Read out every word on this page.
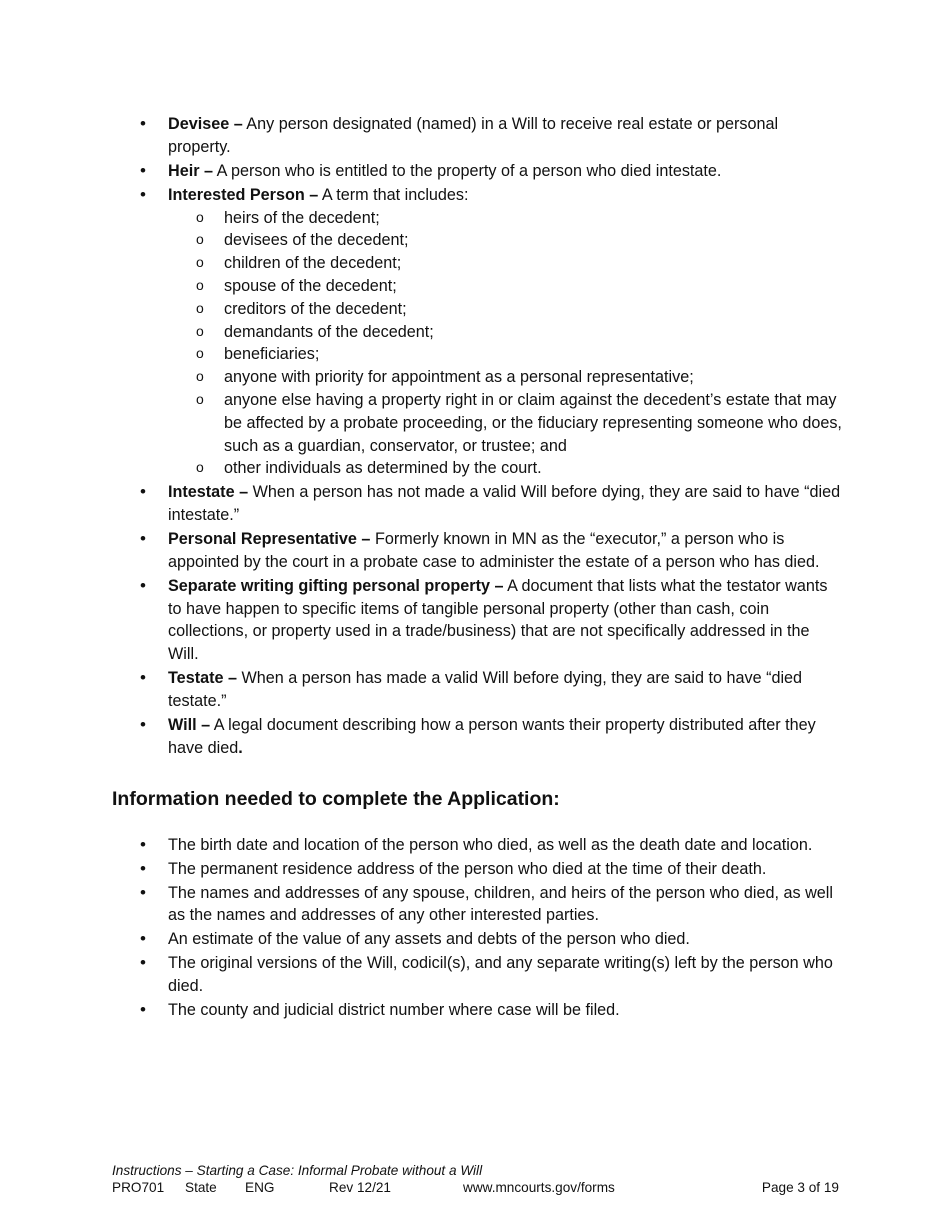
• Devisee – Any person designated (named) in a Will to receive real estate or personal property.
• Heir – A person who is entitled to the property of a person who died intestate.
• Interested Person – A term that includes:
o heirs of the decedent;
o devisees of the decedent;
o children of the decedent;
o spouse of the decedent;
o creditors of the decedent;
o demandants of the decedent;
o beneficiaries;
o anyone with priority for appointment as a personal representative;
o anyone else having a property right in or claim against the decedent’s estate that may be affected by a probate proceeding, or the fiduciary representing someone who does, such as a guardian, conservator, or trustee; and
o other individuals as determined by the court.
• Intestate – When a person has not made a valid Will before dying, they are said to have “died intestate.”
• Personal Representative – Formerly known in MN as the “executor,” a person who is appointed by the court in a probate case to administer the estate of a person who has died.
• Separate writing gifting personal property – A document that lists what the testator wants to have happen to specific items of tangible personal property (other than cash, coin collections, or property used in a trade/business) that are not specifically addressed in the Will.
• Testate – When a person has made a valid Will before dying, they are said to have “died testate.”
• Will – A legal document describing how a person wants their property distributed after they have died.
Information needed to complete the Application:
• The birth date and location of the person who died, as well as the death date and location.
• The permanent residence address of the person who died at the time of their death.
• The names and addresses of any spouse, children, and heirs of the person who died, as well as the names and addresses of any other interested parties.
• An estimate of the value of any assets and debts of the person who died.
• The original versions of the Will, codicil(s), and any separate writing(s) left by the person who died.
• The county and judicial district number where case will be filed.
Instructions – Starting a Case: Informal Probate without a Will
PRO701 State ENG	Rev 12/21	www.mncourts.gov/forms	Page 3 of 19
